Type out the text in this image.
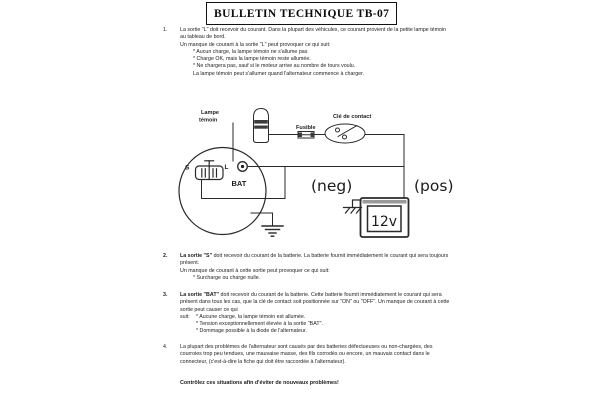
BULLETIN TECHNIQUE TB-07
1.	La sortie "L" doit recevoir du courant. Dans la plupart des véhicules, ce courant provient de la petite lampe témoin au tableau de bord.

Un manque de courant à la sortie "L" peut provoquer ce qui suit:

* Aucun charge, la lampe témoin ne s'allume pas
* Charge OK, mais la lampe témoin reste allumée.
* Ne chargera pas, sauf si le moteur arrive au nombre de tours voulu.
La lampe témoin peut s'allumer quand l'alternateur commence à charger.
Lampe
témoin
Fusible
Clé de contact
S	L
BAT	(neg)	(pos)
12v
2.	La sortie "S" doit recevoir du courant de la batterie. La batterie fournit immédiatement le courant qui sera toujours présent.

Un manque de courant à cette sortie peut provoquer ce qui suit:

* Surcharge ou charge nulle.
3.	La sortie "BAT" doit recevoir du courant de la batterie. Cette batterie fournit immédiatement le courant qui sera présent dans tous les cas, que la clé de contact soit positionnée sur "ON" ou "OFF". Un manque de courant à cette sortie peut causer ce qui

suit:	* Aucune charge, la lampe témoin est allumée.
* Tension exceptionnellement élevée à la sortie "BAT".
* Dommage possible à la diode de l'alternateur.
4.	La plupart des problèmes de l'alternateur sont causés par des batteries défectueuses ou non-chargées, des courroies trop peu tendues, une mauvaise masse, des fils corrodés ou encore, un mauvais contact dans le connecteur, (c'est-à-dire la fiche qui doit être raccordée à l'alternateur).

Contrôlez ces situations afin d'éviter de nouveaux problèmes!
